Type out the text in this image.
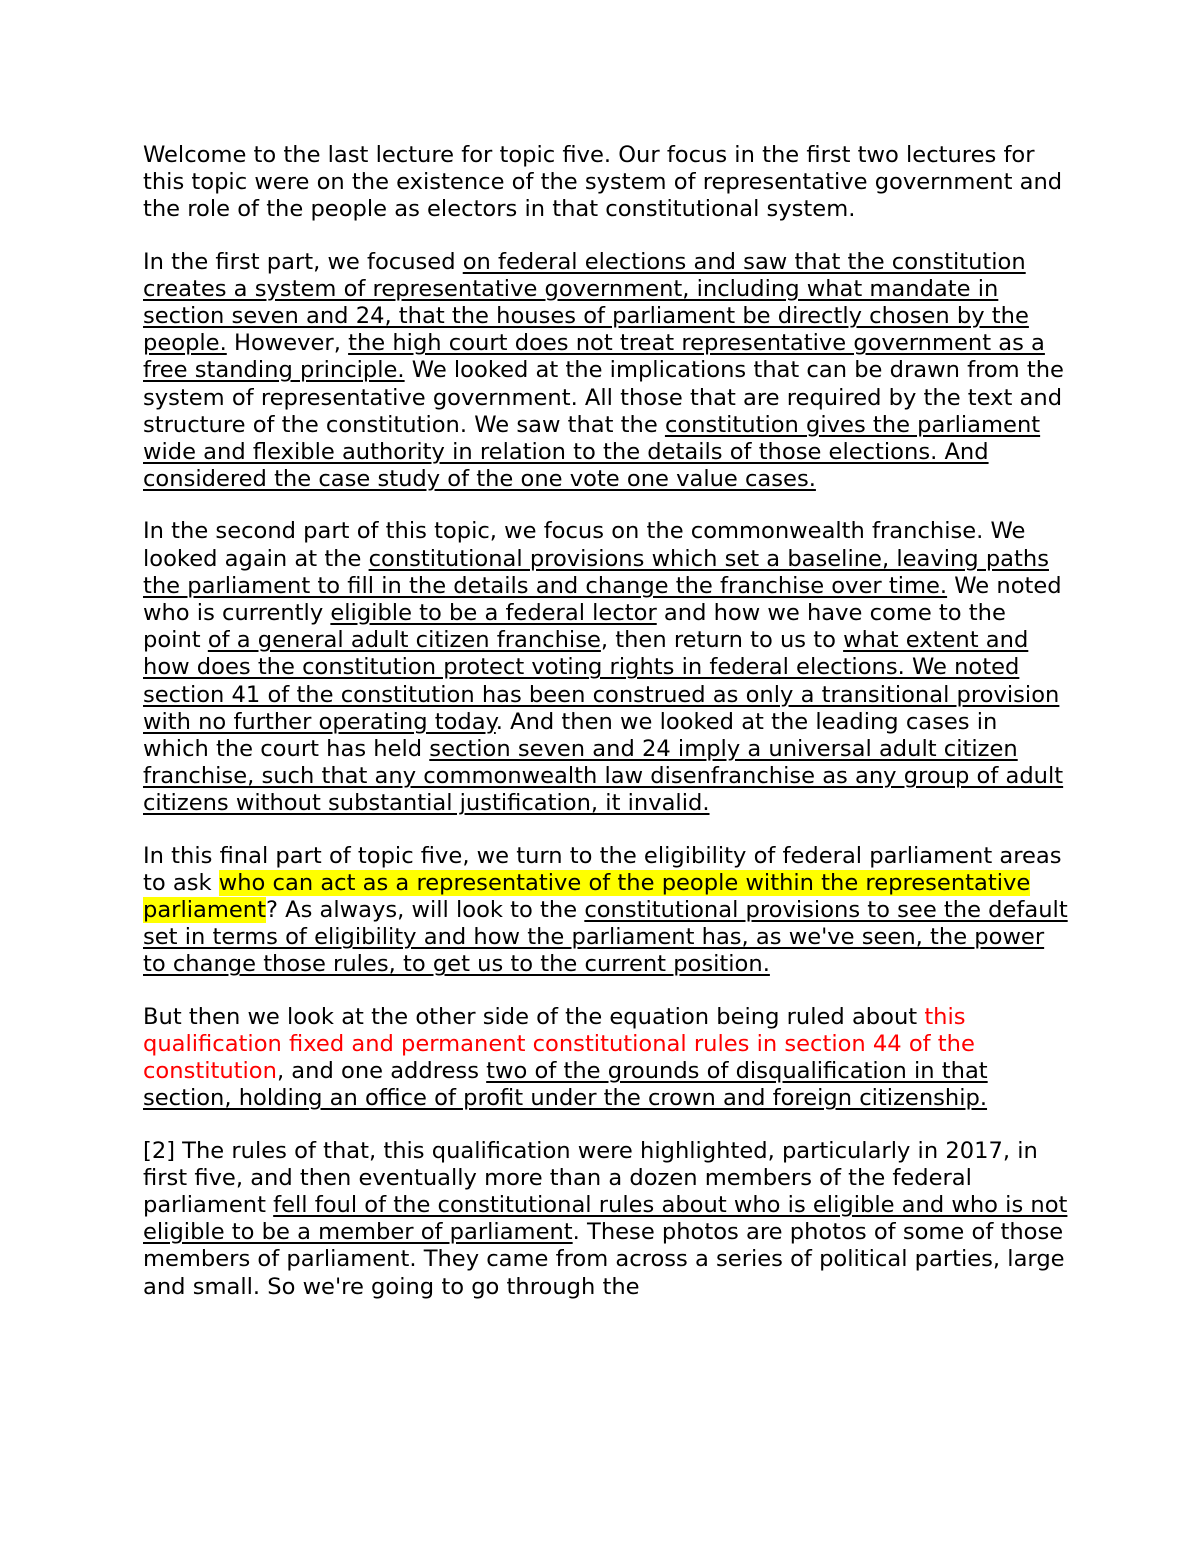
Welcome to the last lecture for topic five. Our focus in the first two lectures for this topic were on the existence of the system of representative government and the role of the people as electors in that constitutional system.

In the first part, we focused on federal elections and saw that the constitution creates a system of representative government, including what mandate in section seven and 24, that the houses of parliament be directly chosen by the people. However, the high court does not treat representative government as a free standing principle. We looked at the implications that can be drawn from the system of representative government. All those that are required by the text and structure of the constitution. We saw that the constitution gives the parliament wide and flexible authority in relation to the details of those elections. And considered the case study of the one vote one value cases.

In the second part of this topic, we focus on the commonwealth franchise. We looked again at the constitutional provisions which set a baseline, leaving paths the parliament to fill in the details and change the franchise over time. We noted who is currently eligible to be a federal lector and how we have come to the point of a general adult citizen franchise, then return to us to what extent and how does the constitution protect voting rights in federal elections. We noted section 41 of the constitution has been construed as only a transitional provision with no further operating today. And then we looked at the leading cases in which the court has held section seven and 24 imply a universal adult citizen franchise, such that any commonwealth law disenfranchise as any group of adult citizens without substantial justification, it invalid.

In this final part of topic five, we turn to the eligibility of federal parliament areas to ask who can act as a representative of the people within the representative parliament? As always, will look to the constitutional provisions to see the default set in terms of eligibility and how the parliament has, as we've seen, the power to change those rules, to get us to the current position.

But then we look at the other side of the equation being ruled about this qualification fixed and permanent constitutional rules in section 44 of the constitution, and one address two of the grounds of disqualification in that section, holding an office of profit under the crown and foreign citizenship.

[2] The rules of that, this qualification were highlighted, particularly in 2017, in first five, and then eventually more than a dozen members of the federal parliament fell foul of the constitutional rules about who is eligible and who is not eligible to be a member of parliament. These photos are photos of some of those members of parliament. They came from across a series of political parties, large and small. So we're going to go through the
